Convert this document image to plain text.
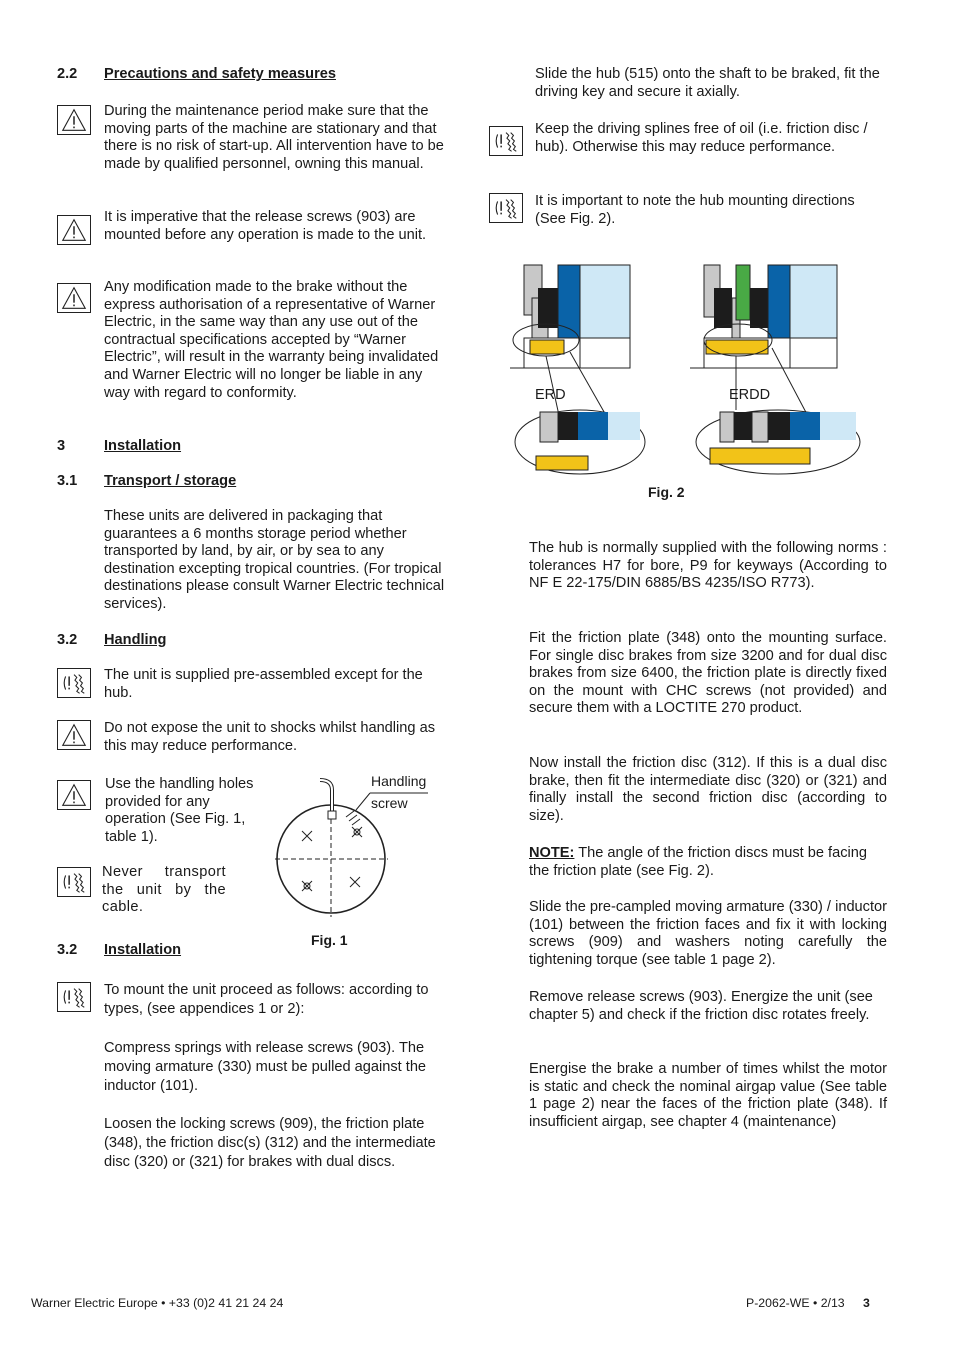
2.2 Precautions and safety measures

During the maintenance period make sure that the moving parts of the machine are stationary and that there is no risk of start-up. All intervention have to be made by qualified personnel, owning this manual.

It is imperative that the release screws (903) are mounted before any operation is made to the unit.

Any modification made to the brake without the express authorisation of a representative of Warner Electric, in the same way than any use out of the contractual specifications accepted by “Warner Electric”, will result in the warranty being invalidated and Warner Electric will no longer be liable in any way with regard to conformity.

3	Installation
3.1 Transport / storage

These units are delivered in packaging that guarantees a 6 months storage period whether transported by land, by air, or by sea to any destination excepting tropical countries. (For tropical destinations please consult Warner Electric technical services).

3.2 Handling

The unit is supplied pre-assembled except for the hub.

Do not expose the unit to shocks whilst handling as this may reduce performance.

Use the handling holes provided for any operation (See Fig. 1, table 1).

Never transport the unit by the cable.

Handling
screw
Fig. 1
3.2 Installation

To mount the unit proceed as follows: according to types, (see appendices 1 or 2):

Compress springs with release screws (903). The moving armature (330) must be pulled against the inductor (101).

Loosen the locking screws (909), the friction plate (348), the friction disc(s) (312) and the intermediate disc (320) or (321) for brakes with dual discs.

Slide the hub (515) onto the shaft to be braked, fit the driving key and secure it axially.

Keep the driving splines free of oil (i.e. friction disc / hub). Otherwise this may reduce performance.

It is important to note the hub mounting directions (See Fig. 2).

ERD	ERDD
Fig. 2

The hub is normally supplied with the following norms : tolerances H7 for bore, P9 for keyways (According to NF E 22-175/DIN 6885/BS 4235/ISO R773).

Fit the friction plate (348) onto the mounting surface. For single disc brakes from size 3200 and for dual disc brakes from size 6400, the friction plate is directly fixed on the mount with CHC screws (not provided) and secure them with a LOCTITE 270 product.

Now install the friction disc (312). If this is a dual disc brake, then fit the intermediate disc (320) or (321) and finally install the second friction disc (according to size).

NOTE: The angle of the friction discs must be facing the friction plate (see Fig. 2).

Slide the pre-campled moving armature (330) / inductor (101) between the friction faces and fix it with locking screws (909) and washers noting carefully the tightening torque (see table 1 page 2).

Remove release screws (903). Energize the unit (see chapter 5) and check if the friction disc rotates freely.

Energise the brake a number of times whilst the motor is static and check the nominal airgap value (See table 1 page 2) near the faces of the friction plate (348). If insufficient airgap, see chapter 4 (maintenance)

Warner Electric Europe • +33 (0)2 41 21 24 24	P-2062-WE • 2/13 3
